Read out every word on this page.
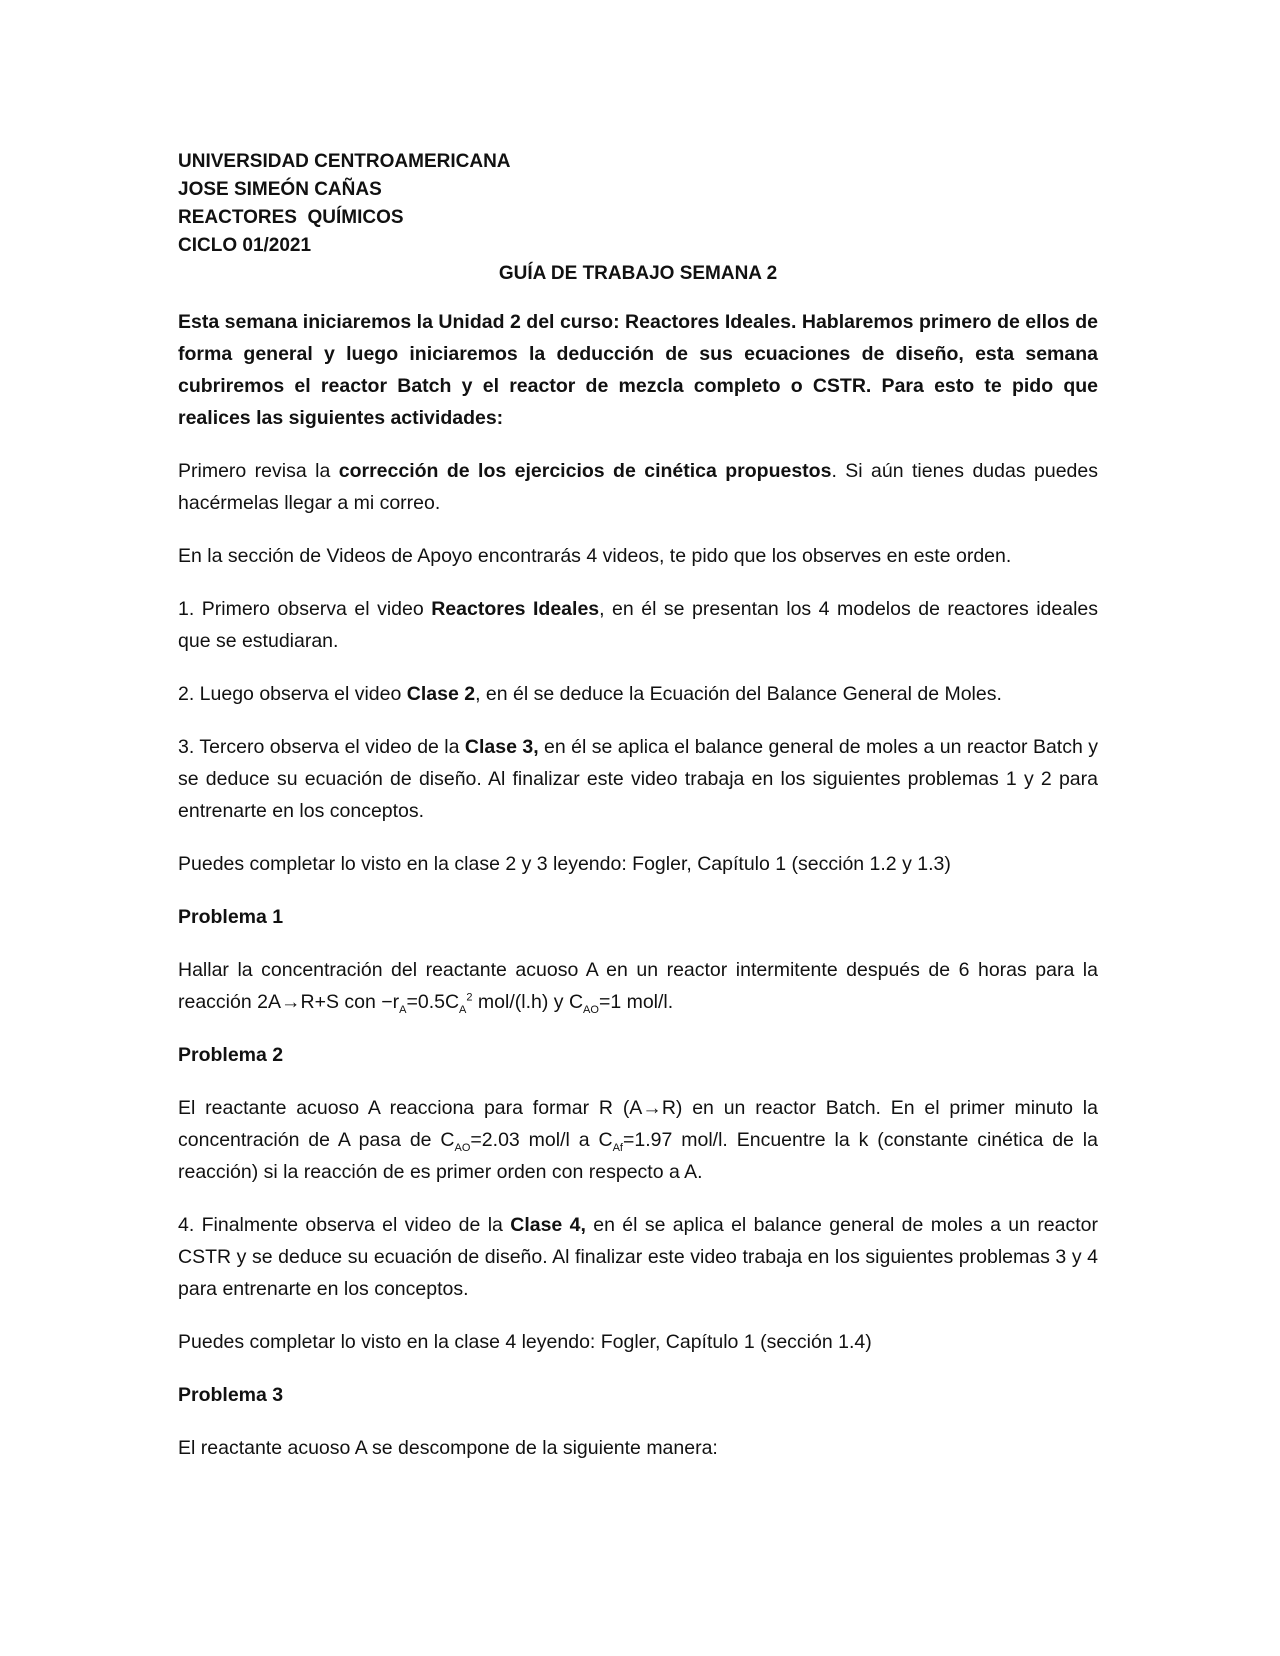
UNIVERSIDAD CENTROAMERICANA

JOSE SIMEÓN CAÑAS

REACTORES  QUÍMICOS

CICLO 01/2021

GUÍA DE TRABAJO SEMANA 2

Esta semana iniciaremos la Unidad 2 del curso: Reactores Ideales. Hablaremos primero de ellos de forma general y luego iniciaremos la deducción de sus ecuaciones de diseño, esta semana cubriremos el reactor Batch y el reactor de mezcla completo o CSTR. Para esto te pido que realices las siguientes actividades:

Primero revisa la corrección de los ejercicios de cinética propuestos. Si aún tienes dudas puedes hacérmelas llegar a mi correo.

En la sección de Videos de Apoyo encontrarás 4 videos, te pido que los observes en este orden.

1. Primero observa el video Reactores Ideales, en él se presentan los 4 modelos de reactores ideales que se estudiaran.

2. Luego observa el video Clase 2, en él se deduce la Ecuación del Balance General de Moles.

3. Tercero observa el video de la Clase 3, en él se aplica el balance general de moles a un reactor Batch y se deduce su ecuación de diseño. Al finalizar este video trabaja en los siguientes problemas 1 y 2 para entrenarte en los conceptos.

Puedes completar lo visto en la clase 2 y 3 leyendo: Fogler, Capítulo 1 (sección 1.2 y 1.3)

Problema 1

Hallar la concentración del reactante acuoso A en un reactor intermitente después de 6 horas para la reacción 2A→R+S con $-r_A=0.5C_A^2$ mol/(l.h) y $C_{AO}=1$ mol/l.

Problema 2

El reactante acuoso A reacciona para formar R (A→R) en un reactor Batch. En el primer minuto la concentración de A pasa de $C_{AO}=2.03$ mol/l a $C_{Af}=1.97$ mol/l. Encuentre la k (constante cinética de la reacción) si la reacción de es primer orden con respecto a A.

4. Finalmente observa el video de la Clase 4, en él se aplica el balance general de moles a un reactor CSTR y se deduce su ecuación de diseño. Al finalizar este video trabaja en los siguientes problemas 3 y 4 para entrenarte en los conceptos.

Puedes completar lo visto en la clase 4 leyendo: Fogler, Capítulo 1 (sección 1.4)

Problema 3

El reactante acuoso A se descompone de la siguiente manera:
